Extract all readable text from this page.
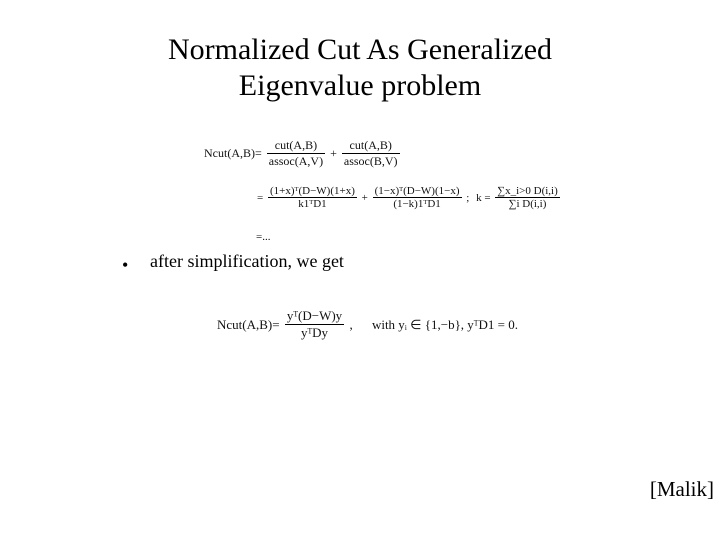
Normalized Cut As Generalized
Eigenvalue problem
Ncut(A,B)= $\frac{\text{cut(A,B)}}{\text{assoc(A,V)}} + \frac{\text{cut(A,B)}}{\text{assoc(B,V)}}$
= $\frac{\text{(1+x)ᵀ(D−W)(1+x)}}{\text{k1ᵀD1}} + \frac{\text{(1−x)ᵀ(D−W)(1−x)}}{\text{(1−k)1ᵀD1}}$ ; $k = \frac{\sum x\_i>0 D(i,i)}{\text{∑i D(i,i)}}$
=...
• after simplification, we get
Ncut(A,B)= $\frac{\text{yᵀ(D−W)y}}{\text{yᵀDy}}$ , with yᵢ ∈ {1,−b}, yᵀD1 = 0.
[Malik]
